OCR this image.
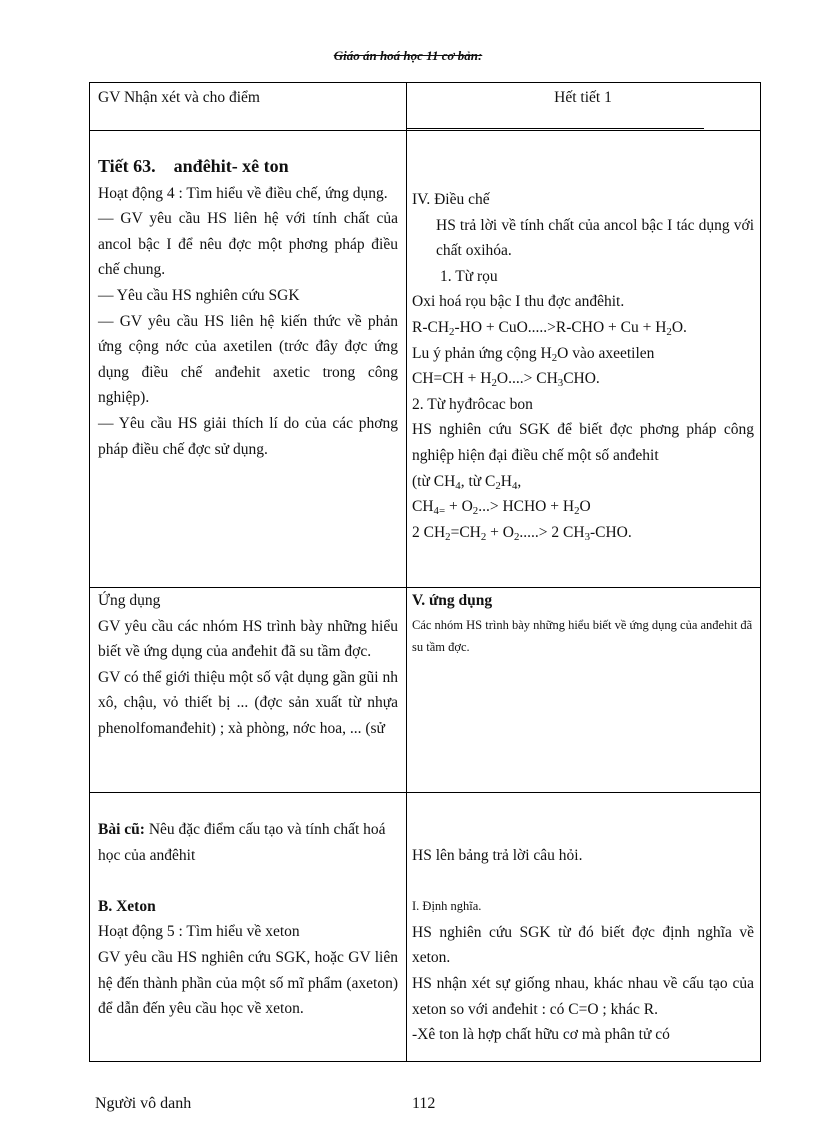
Giáo án hoá học 11 cơ bản:

GV Nhận xét và cho điểm	Hết tiết 1

Tiết 63. anđêhit- xê ton

Hoạt động 4 : Tìm hiểu về điều chế, ứng dụng.

— GV yêu cầu HS liên hệ với tính chất của ancol bậc I để nêu đợc một phơng pháp điều chế chung.

— Yêu cầu HS nghiên cứu SGK

— GV yêu cầu HS liên hệ kiến thức về phản ứng cộng nớc của axetilen (trớc đây đợc ứng dụng điều chế anđehit axetic trong công nghiệp).

— Yêu cầu HS giải thích lí do của các phơng pháp điều chế đợc sử dụng.

IV. Điều chế

HS trả lời về tính chất của ancol bậc I tác dụng với chất oxihóa.

1. Từ rọu

Oxi hoá rọu bậc I thu đợc anđêhit.

$R-CH_2-HO + CuO.....>R-CHO + Cu + H_2O$.

Lu ý phản ứng cộng $H_2O$ vào axeetilen

$CH=CH + H_2O....> CH_3CHO$.

2. Từ hyđrôcac bon

HS nghiên cứu SGK để biết đợc phơng pháp công nghiệp hiện đại điều chế một số anđehit

(từ $CH_4$, từ $C_2H_4$,

$CH_{4=} + O_2...>$ HCHO + $H_2O$

2 $CH_2=CH_2 + O_2.....> 2$ $CH_3$-CHO.

Ứng dụng

GV yêu cầu các nhóm HS trình bày những hiểu biết về ứng dụng của anđehit đã su tầm đợc.

GV có thể giới thiệu một số vật dụng gần gũi nh xô, chậu, vỏ thiết bị ... (đợc sản xuất từ nhựa phenolfomanđehit) ; xà phòng, nớc hoa, ... (sử

V. ứng dụng

Các nhóm HS trình bày những hiểu biết về ứng dụng của anđehit đã su tầm đợc.

Bài cũ: Nêu đặc điểm cấu tạo và tính chất hoá học của anđêhit

B. Xeton

Hoạt động 5 : Tìm hiểu về xeton

GV yêu cầu HS nghiên cứu SGK, hoặc GV liên hệ đến thành phần của một số mĩ phẩm (axeton) để dẫn đến yêu cầu học về xeton.

HS lên bảng trả lời câu hỏi.

I. Định nghĩa.

HS nghiên cứu SGK từ đó biết đợc định nghĩa về xeton.

HS nhận xét sự giống nhau, khác nhau về cấu tạo của xeton so với anđehit : có C=O ; khác R.

-Xê ton là hợp chất hữu cơ mà phân tử có

Người vô danh	112
